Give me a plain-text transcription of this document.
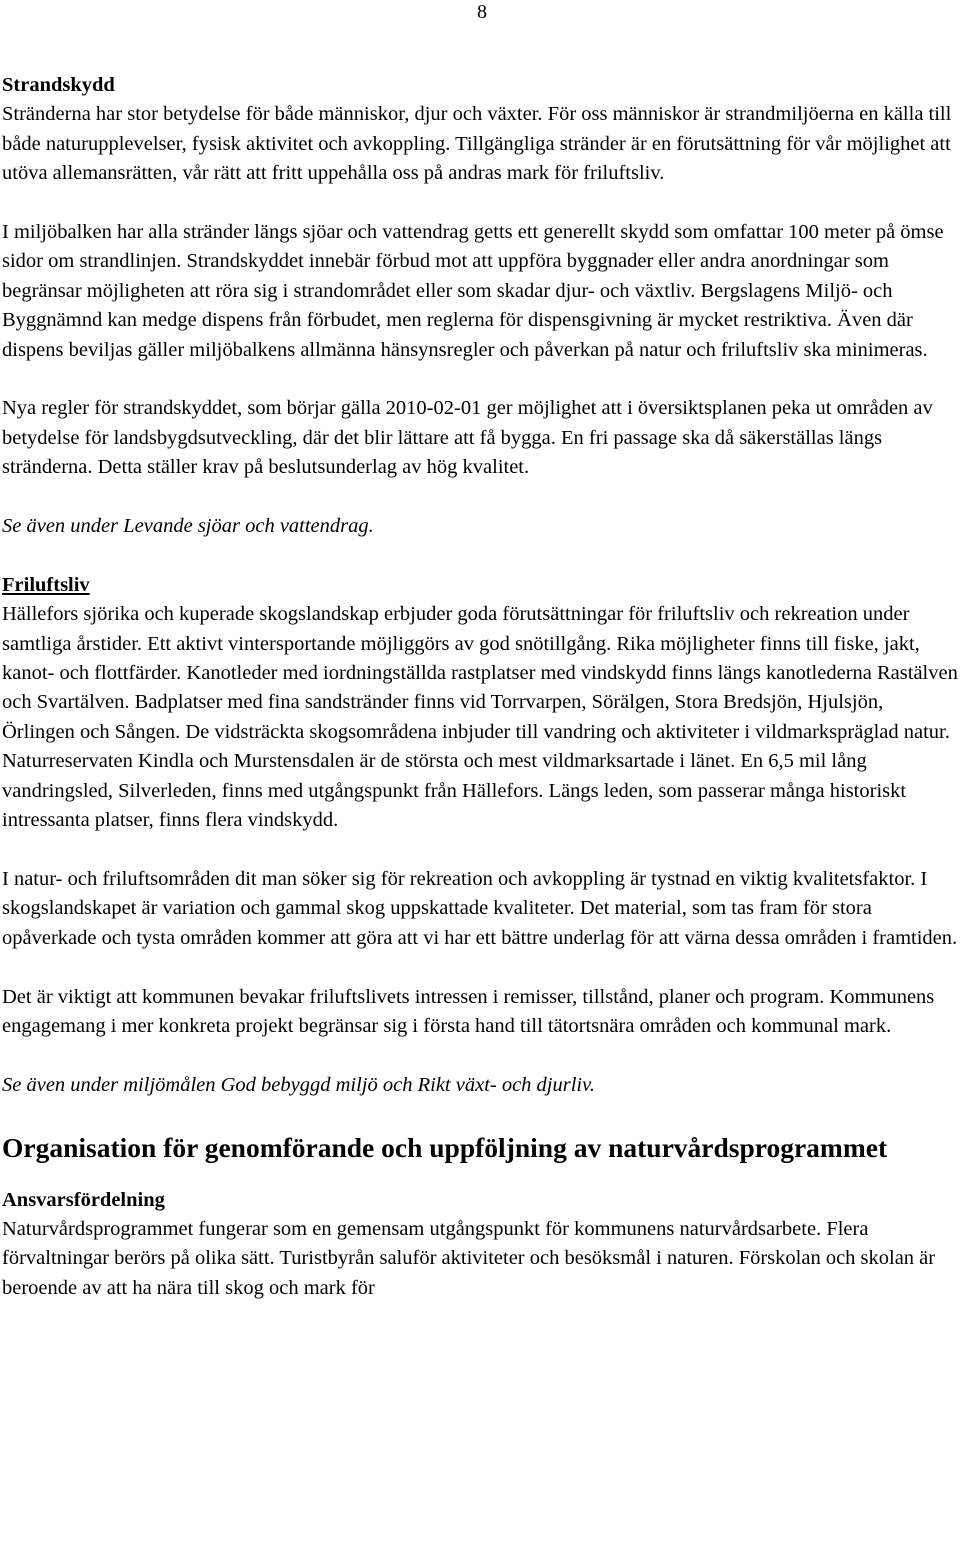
8
Strandskydd

Stränderna har stor betydelse för både människor, djur och växter. För oss människor är strandmiljöerna en källa till både naturupplevelser, fysisk aktivitet och avkoppling. Tillgängliga stränder är en förutsättning för vår möjlighet att utöva allemansrätten, vår rätt att fritt uppehålla oss på andras mark för friluftsliv.

I miljöbalken har alla stränder längs sjöar och vattendrag getts ett generellt skydd som omfattar 100 meter på ömse sidor om strandlinjen. Strandskyddet innebär förbud mot att uppföra byggnader eller andra anordningar som begränsar möjligheten att röra sig i strandområdet eller som skadar djur- och växtliv. Bergslagens Miljö- och Byggnämnd kan medge dispens från förbudet, men reglerna för dispensgivning är mycket restriktiva. Även där dispens beviljas gäller miljöbalkens allmänna hänsynsregler och påverkan på natur och friluftsliv ska minimeras.

Nya regler för strandskyddet, som börjar gälla 2010-02-01 ger möjlighet att i översiktsplanen peka ut områden av betydelse för landsbygdsutveckling, där det blir lättare att få bygga. En fri passage ska då säkerställas längs stränderna. Detta ställer krav på beslutsunderlag av hög kvalitet.

Se även under Levande sjöar och vattendrag.

Friluftsliv

Hällefors sjörika och kuperade skogslandskap erbjuder goda förutsättningar för friluftsliv och rekreation under samtliga årstider. Ett aktivt vintersportande möjliggörs av god snötillgång. Rika möjligheter finns till fiske, jakt, kanot- och flottfärder. Kanotleder med iordningställda rastplatser med vindskydd finns längs kanotlederna Rastälven och Svartälven. Badplatser med fina sandstränder finns vid Torrvarpen, Sörälgen, Stora Bredsjön, Hjulsjön, Örlingen och Sången. De vidsträckta skogsområdena inbjuder till vandring och aktiviteter i vildmarkspräglad natur. Naturreservaten Kindla och Murstensdalen är de största och mest vildmarksartade i länet. En 6,5 mil lång vandringsled, Silverleden, finns med utgångspunkt från Hällefors. Längs leden, som passerar många historiskt intressanta platser, finns flera vindskydd.

I natur- och friluftsområden dit man söker sig för rekreation och avkoppling är tystnad en viktig kvalitetsfaktor. I skogslandskapet är variation och gammal skog uppskattade kvaliteter. Det material, som tas fram för stora opåverkade och tysta områden kommer att göra att vi har ett bättre underlag för att värna dessa områden i framtiden.

Det är viktigt att kommunen bevakar friluftslivets intressen i remisser, tillstånd, planer och program. Kommunens engagemang i mer konkreta projekt begränsar sig i första hand till tätortsnära områden och kommunal mark.

Se även under miljömålen God bebyggd miljö och Rikt växt- och djurliv.

Organisation för genomförande och uppföljning av naturvårdsprogrammet
Ansvarsfördelning

Naturvårdsprogrammet fungerar som en gemensam utgångspunkt för kommunens naturvårdsarbete. Flera förvaltningar berörs på olika sätt. Turistbyrån saluför aktiviteter och besöksmål i naturen. Förskolan och skolan är beroende av att ha nära till skog och mark för
